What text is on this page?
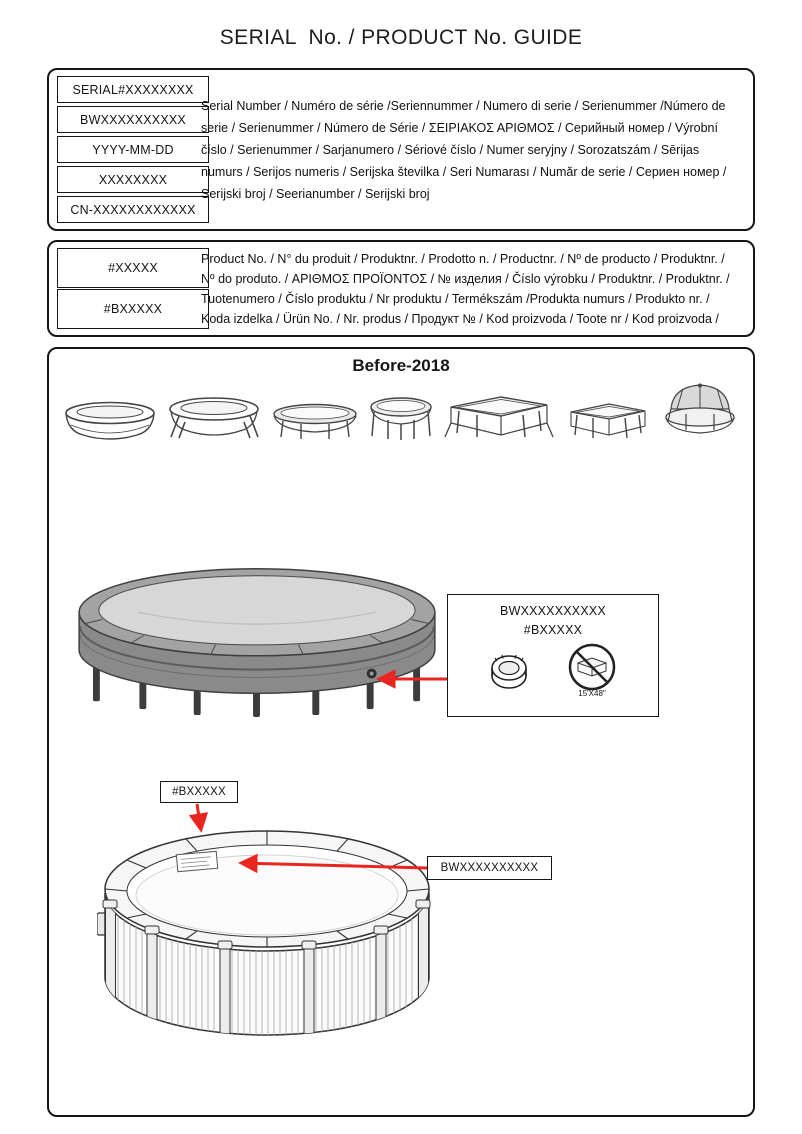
SERIAL  No. / PRODUCT No. GUIDE
SERIAL#XXXXXXXX
BWXXXXXXXXXX
YYYY-MM-DD
XXXXXXXX
CN-XXXXXXXXXXXX

Serial Number / Numéro de série /Seriennummer / Numero di serie / Serienummer /Número de serie / Serienummer / Número de Série / ΣΕΙΡΙΑΚΟΣ ΑΡΙΘΜΟΣ / Серийный номер / Výrobní číslo / Serienummer / Sarjanumero / Sériové číslo / Numer seryjny / Sorozatszám / Sērijas numurs / Serijos numeris / Serijska številka / Seri Numarası / Număr de serie / Сериен номер / Serijski broj / Seerianumber / Serijski broj

#XXXXX
#BXXXXX

Product No. / N° du produit / Produktnr. / Prodotto n. / Productnr. / Nº de producto / Produktnr. / Nº do produto. / ΑΡΙΘΜΟΣ ΠΡΟΪΟΝΤΟΣ / № изделия / Číslo výrobku / Produktnr. / Produktnr. / Tuotenumero / Číslo produktu / Nr produktu / Termékszám /Produkta numurs / Produkto nr. / Koda izdelka / Ürün No. / Nr. produs / Продукт № / Kod proizvoda / Toote nr / Kod proizvoda /

Before-2018
BWXXXXXXXXXX
#BXXXXX
15'X48"
#BXXXXX
BWXXXXXXXXXX
